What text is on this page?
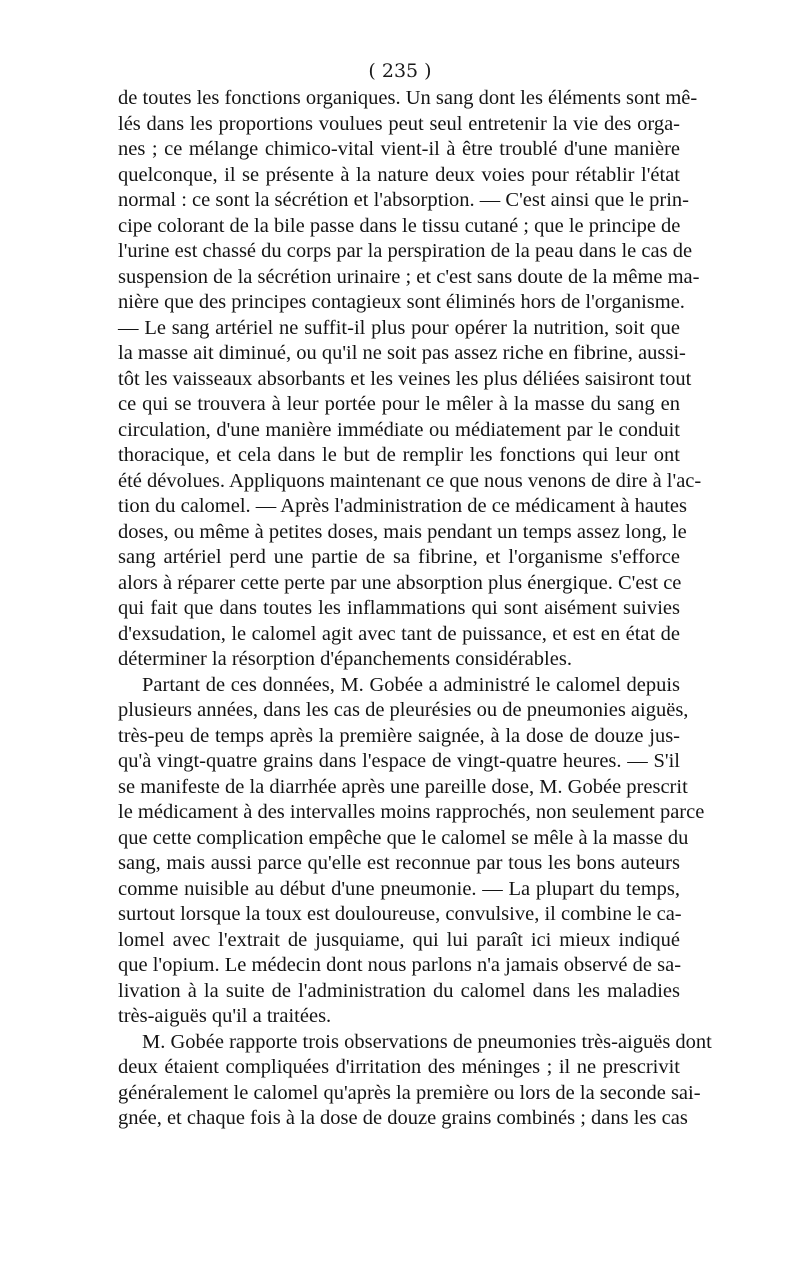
( 235 )
de toutes les fonctions organiques. Un sang dont les éléments sont mê-
lés dans les proportions voulues peut seul entretenir la vie des orga-
nes ; ce mélange chimico-vital vient-il à être troublé d'une manière
quelconque, il se présente à la nature deux voies pour rétablir l'état
normal : ce sont la sécrétion et l'absorption. — C'est ainsi que le prin-
cipe colorant de la bile passe dans le tissu cutané ; que le principe de
l'urine est chassé du corps par la perspiration de la peau dans le cas de
suspension de la sécrétion urinaire ; et c'est sans doute de la même ma-
nière que des principes contagieux sont éliminés hors de l'organisme.
— Le sang artériel ne suffit-il plus pour opérer la nutrition, soit que
la masse ait diminué, ou qu'il ne soit pas assez riche en fibrine, aussi-
tôt les vaisseaux absorbants et les veines les plus déliées saisiront tout
ce qui se trouvera à leur portée pour le mêler à la masse du sang en
circulation, d'une manière immédiate ou médiatement par le conduit
thoracique, et cela dans le but de remplir les fonctions qui leur ont
été dévolues. Appliquons maintenant ce que nous venons de dire à l'ac-
tion du calomel. — Après l'administration de ce médicament à hautes
doses, ou même à petites doses, mais pendant un temps assez long, le
sang artériel perd une partie de sa fibrine, et l'organisme s'efforce
alors à réparer cette perte par une absorption plus énergique. C'est ce
qui fait que dans toutes les inflammations qui sont aisément suivies
d'exsudation, le calomel agit avec tant de puissance, et est en état de
déterminer la résorption d'épanchements considérables.
Partant de ces données, M. Gobée a administré le calomel depuis
plusieurs années, dans les cas de pleurésies ou de pneumonies aiguës,
très-peu de temps après la première saignée, à la dose de douze jus-
qu'à vingt-quatre grains dans l'espace de vingt-quatre heures. — S'il
se manifeste de la diarrhée après une pareille dose, M. Gobée prescrit
le médicament à des intervalles moins rapprochés, non seulement parce
que cette complication empêche que le calomel se mêle à la masse du
sang, mais aussi parce qu'elle est reconnue par tous les bons auteurs
comme nuisible au début d'une pneumonie. — La plupart du temps,
surtout lorsque la toux est douloureuse, convulsive, il combine le ca-
lomel avec l'extrait de jusquiame, qui lui paraît ici mieux indiqué
que l'opium. Le médecin dont nous parlons n'a jamais observé de sa-
livation à la suite de l'administration du calomel dans les maladies
très-aiguës qu'il a traitées.
M. Gobée rapporte trois observations de pneumonies très-aiguës dont
deux étaient compliquées d'irritation des méninges ; il ne prescrivit
généralement le calomel qu'après la première ou lors de la seconde sai-
gnée, et chaque fois à la dose de douze grains combinés ; dans les cas
